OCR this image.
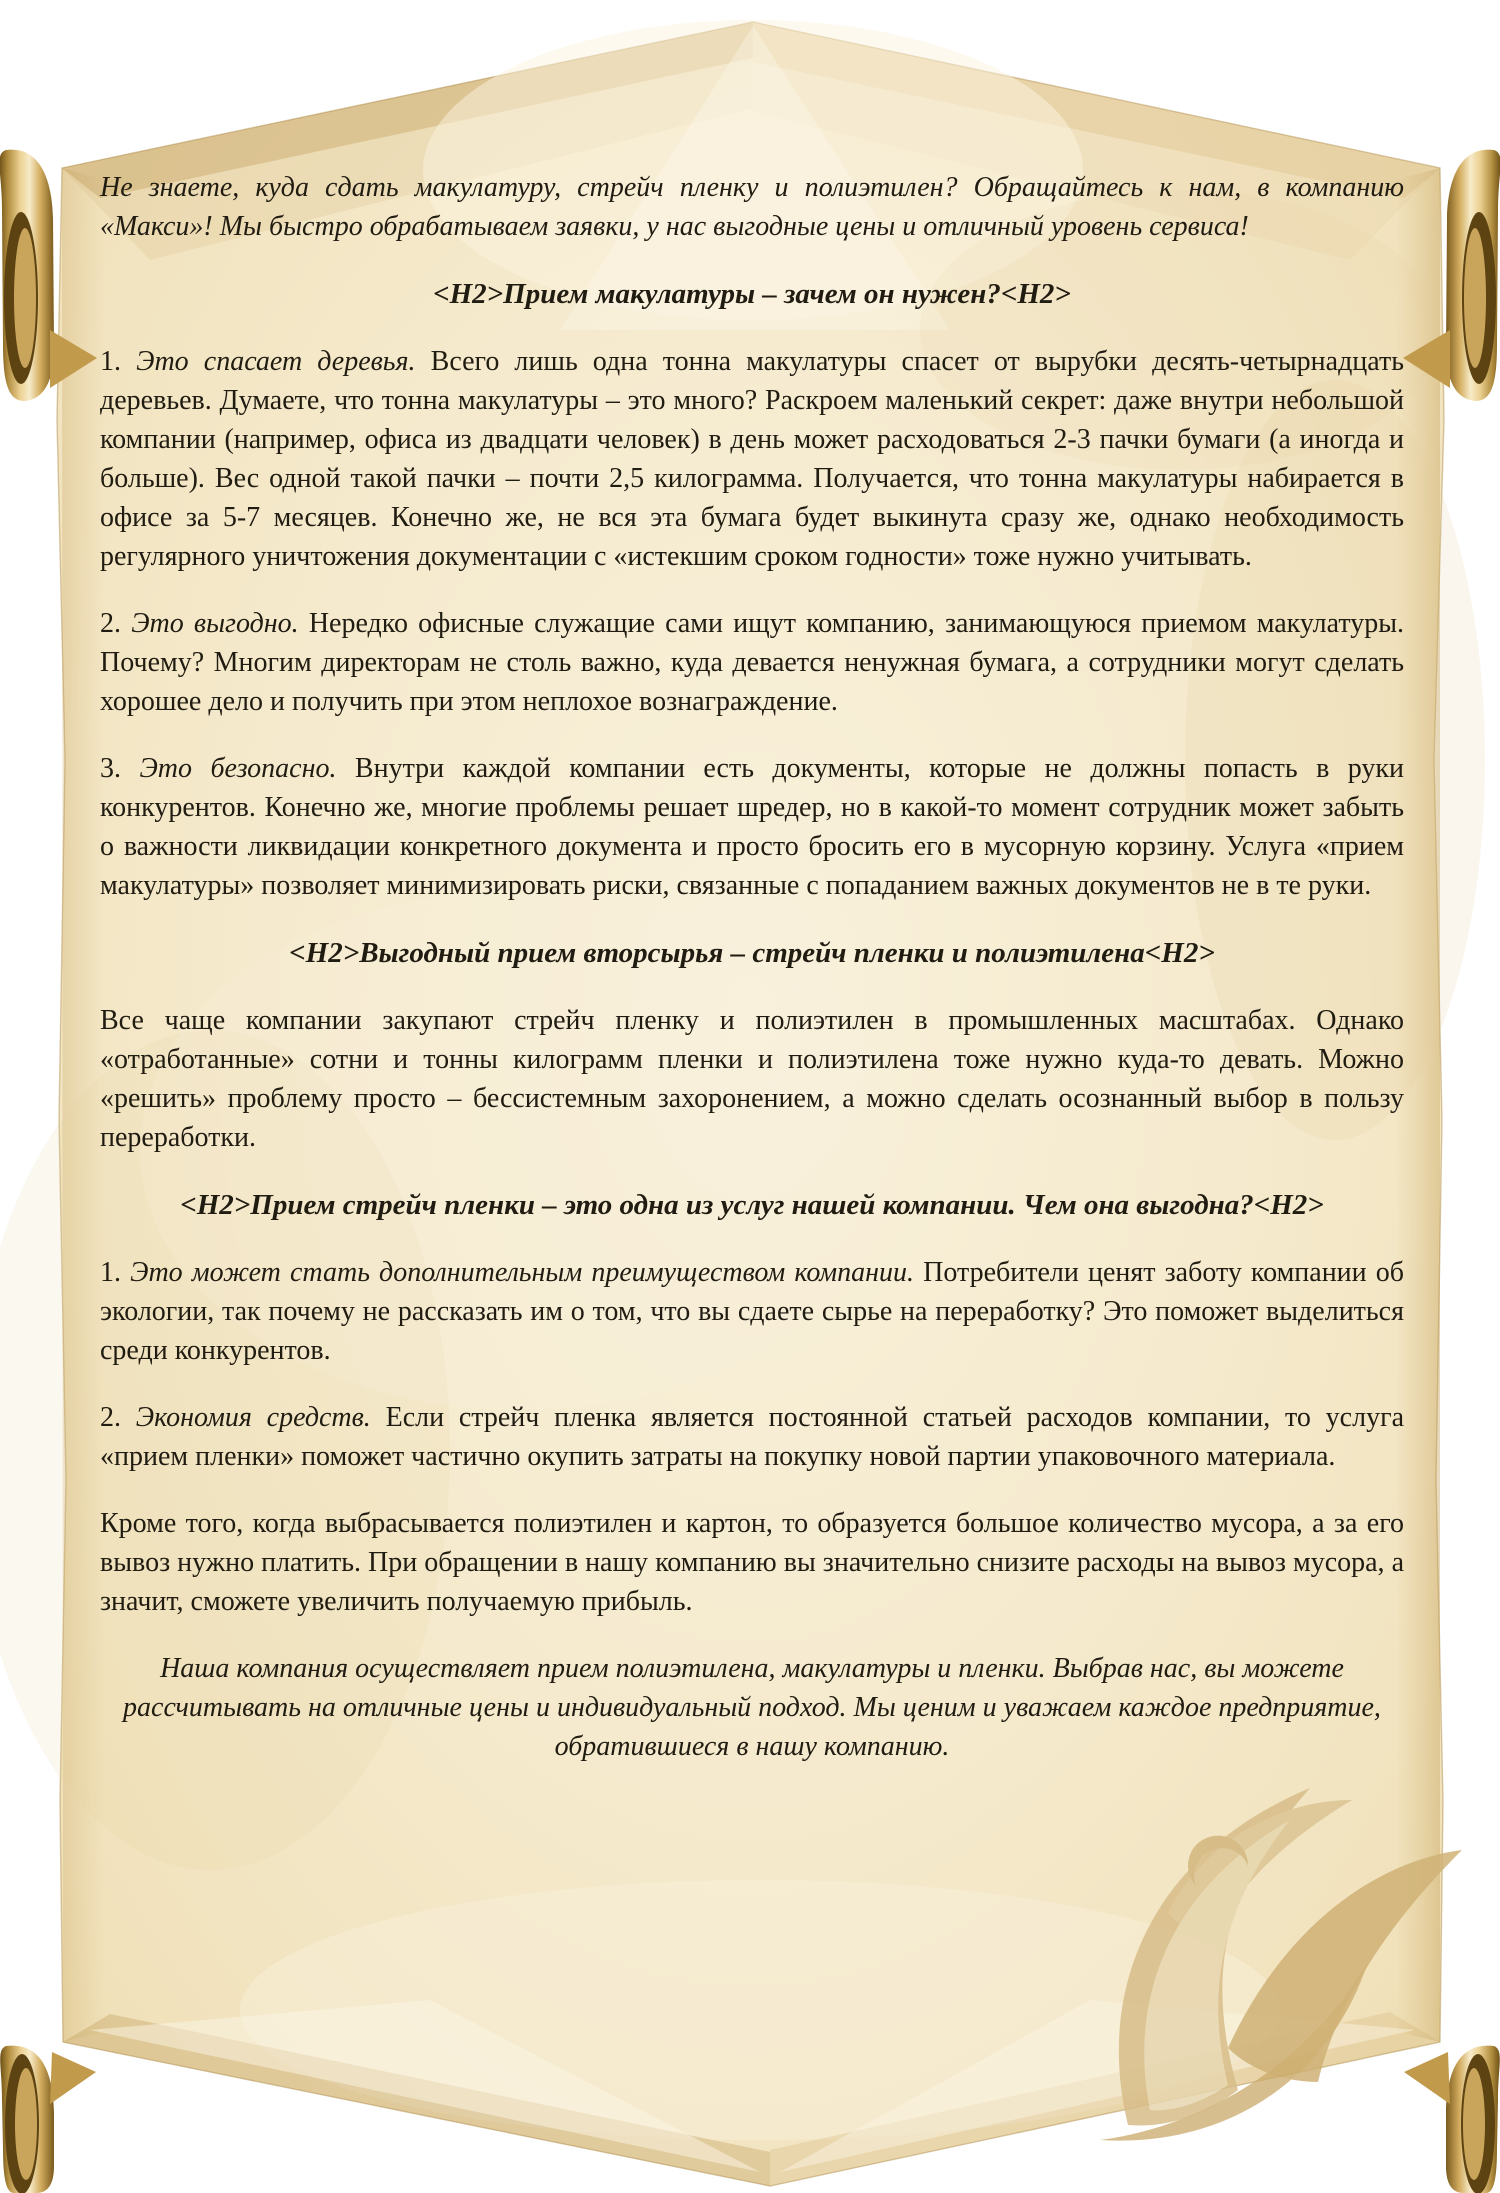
Не знаете, куда сдать макулатуру, стрейч пленку и полиэтилен? Обращайтесь к нам, в компанию «Макси»! Мы быстро обрабатываем заявки, у нас выгодные цены и отличный уровень сервиса!

<H2>Прием макулатуры – зачем он нужен?<H2>

1. Это спасает деревья. Всего лишь одна тонна макулатуры спасет от вырубки десять-четырнадцать деревьев. Думаете, что тонна макулатуры – это много? Раскроем маленький секрет: даже внутри небольшой компании (например, офиса из двадцати человек) в день может расходоваться 2-3 пачки бумаги (а иногда и больше). Вес одной такой пачки – почти 2,5 килограмма. Получается, что тонна макулатуры набирается в офисе за 5-7 месяцев. Конечно же, не вся эта бумага будет выкинута сразу же, однако необходимость регулярного уничтожения документации с «истекшим сроком годности» тоже нужно учитывать.

2. Это выгодно. Нередко офисные служащие сами ищут компанию, занимающуюся приемом макулатуры. Почему? Многим директорам не столь важно, куда девается ненужная бумага, а сотрудники могут сделать хорошее дело и получить при этом неплохое вознаграждение.

3. Это безопасно. Внутри каждой компании есть документы, которые не должны попасть в руки конкурентов. Конечно же, многие проблемы решает шредер, но в какой-то момент сотрудник может забыть о важности ликвидации конкретного документа и просто бросить его в мусорную корзину. Услуга «прием макулатуры» позволяет минимизировать риски, связанные с попаданием важных документов не в те руки.

<H2>Выгодный прием вторсырья – стрейч пленки и полиэтилена<H2>

Все чаще компании закупают стрейч пленку и полиэтилен в промышленных масштабах. Однако «отработанные» сотни и тонны килограмм пленки и полиэтилена тоже нужно куда-то девать. Можно «решить» проблему просто – бессистемным захоронением, а можно сделать осознанный выбор в пользу переработки.

<H2>Прием стрейч пленки – это одна из услуг нашей компании. Чем она выгодна?<H2>

1. Это может стать дополнительным преимуществом компании. Потребители ценят заботу компании об экологии, так почему не рассказать им о том, что вы сдаете сырье на переработку? Это поможет выделиться среди конкурентов.

2. Экономия средств. Если стрейч пленка является постоянной статьей расходов компании, то услуга «прием пленки» поможет частично окупить затраты на покупку новой партии упаковочного материала.

Кроме того, когда выбрасывается полиэтилен и картон, то образуется большое количество мусора, а за его вывоз нужно платить. При обращении в нашу компанию вы значительно снизите расходы на вывоз мусора, а значит, сможете увеличить получаемую прибыль.

Наша компания осуществляет прием полиэтилена, макулатуры и пленки. Выбрав нас, вы можете рассчитывать на отличные цены и индивидуальный подход. Мы ценим и уважаем каждое предприятие, обратившиеся в нашу компанию.
